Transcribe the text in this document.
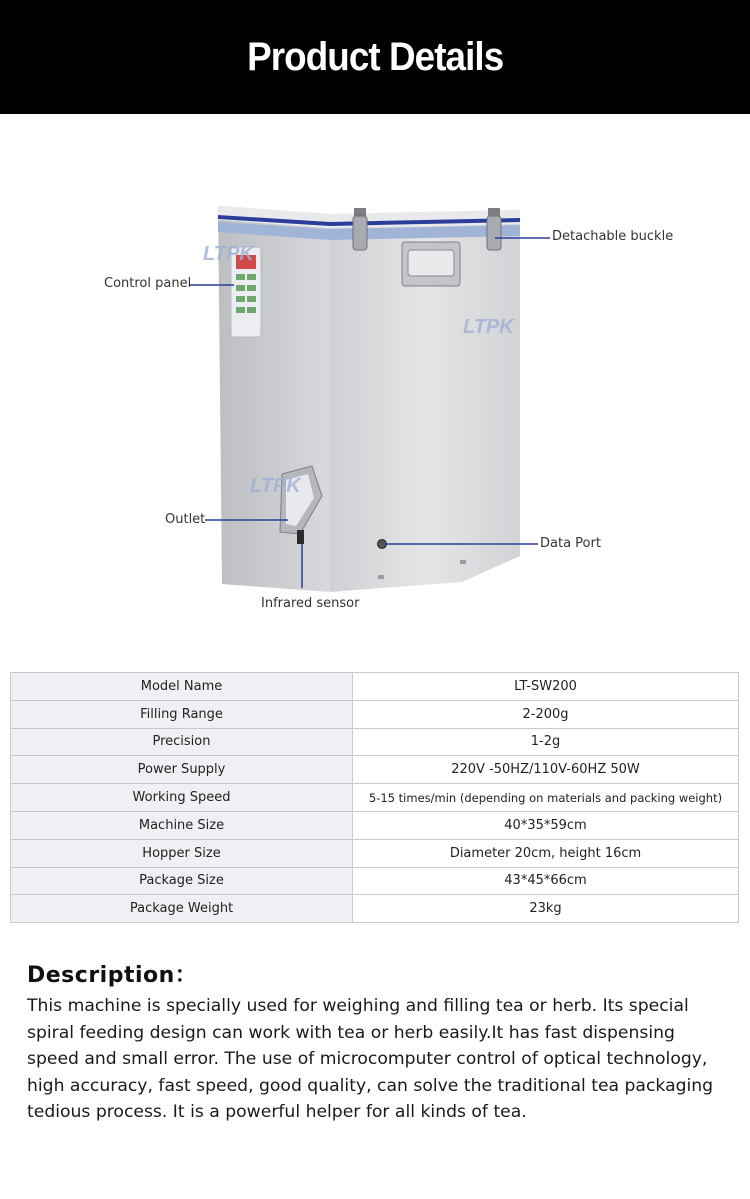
Product Details
LTPK
LTPK
LTPK
Detachable buckle
Control panel
Outlet
Data Port
Infrared sensor
Model Name	LT-SW200
Filling Range	2-200g
Precision	1-2g
Power Supply	220V -50HZ/110V-60HZ 50W
Working Speed	5-15 times/min (depending on materials and packing weight)
Machine Size	40*35*59cm
Hopper Size	Diameter 20cm, height 16cm
Package Size	43*45*66cm
Package Weight	23kg
Description：

This machine is specially used for weighing and filling tea or herb. Its special spiral feeding design can work with tea or herb easily.It has fast dispensing speed and small error. The use of microcomputer control of optical technology, high accuracy, fast speed, good quality, can solve the traditional tea packaging tedious process. It is a powerful helper for all kinds of tea.
